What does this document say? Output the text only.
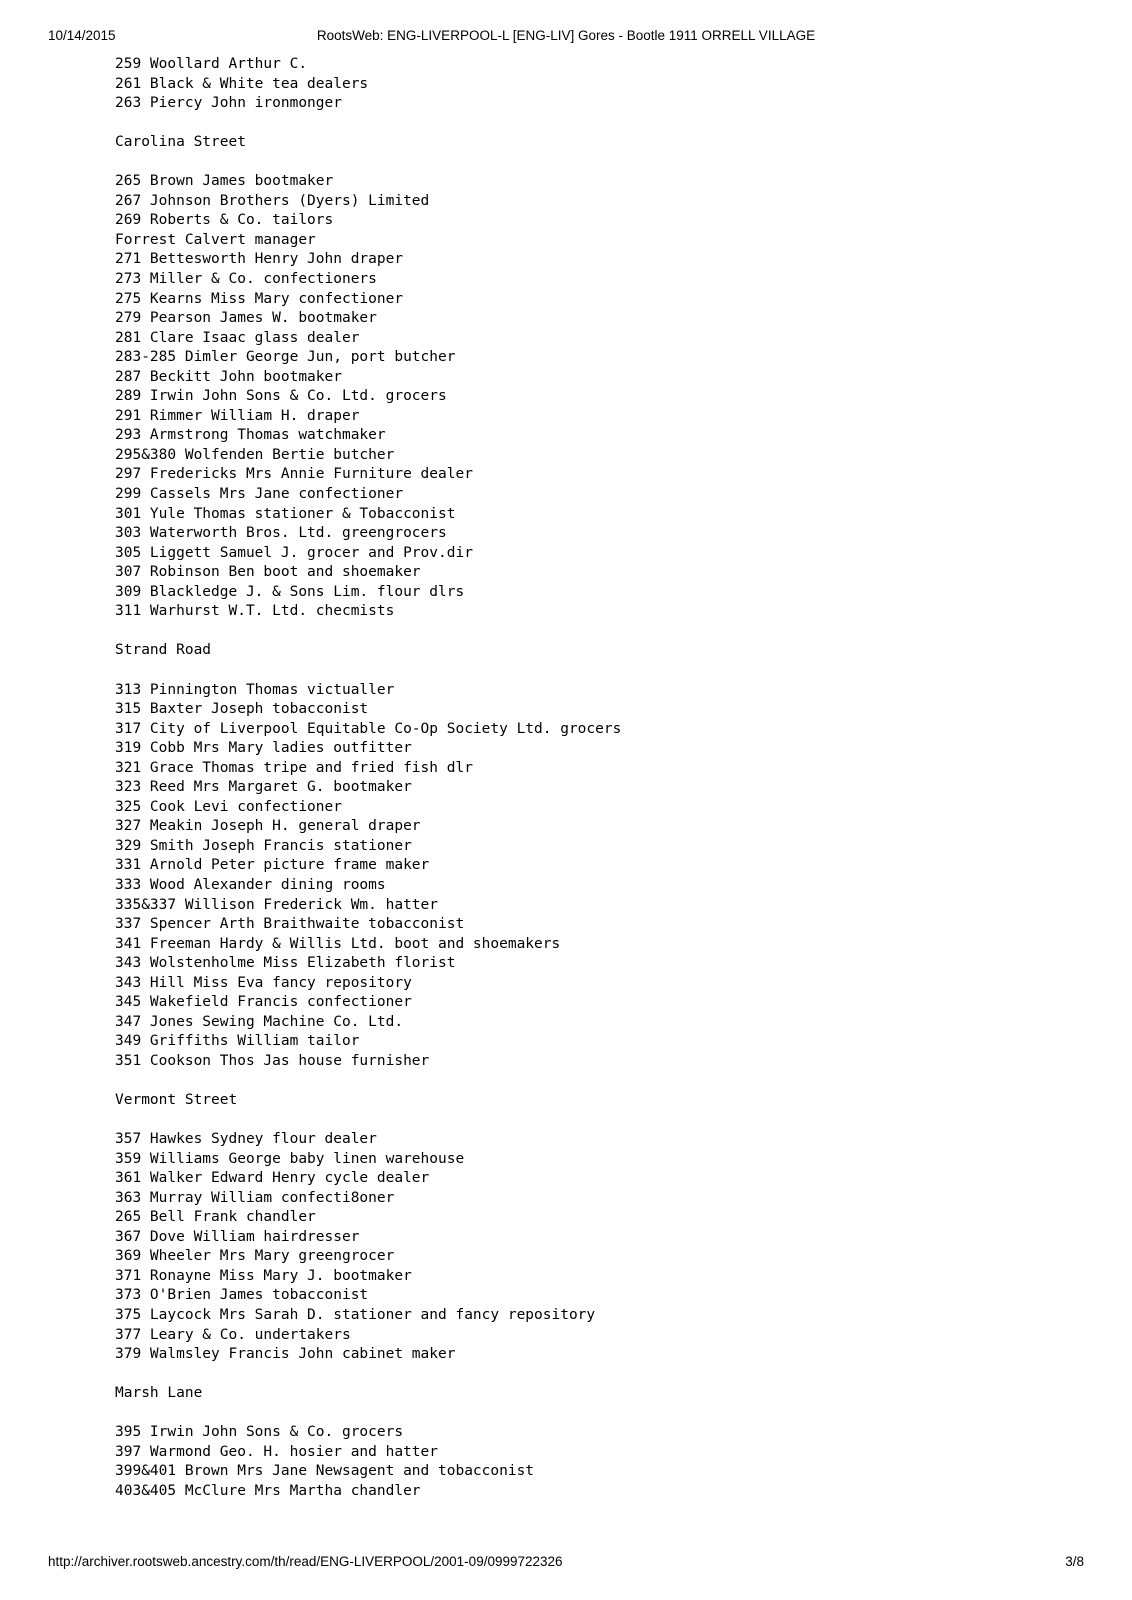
10/14/2015	RootsWeb: ENG-LIVERPOOL-L [ENG-LIV] Gores - Bootle 1911 ORRELL VILLAGE
259 Woollard Arthur C.
261 Black & White tea dealers
263 Piercy John ironmonger

Carolina Street

265 Brown James bootmaker
267 Johnson Brothers (Dyers) Limited
269 Roberts & Co. tailors
Forrest Calvert manager
271 Bettesworth Henry John draper
273 Miller & Co. confectioners
275 Kearns Miss Mary confectioner
279 Pearson James W. bootmaker
281 Clare Isaac glass dealer
283-285 Dimler George Jun, port butcher
287 Beckitt John bootmaker
289 Irwin John Sons & Co. Ltd. grocers
291 Rimmer William H. draper
293 Armstrong Thomas watchmaker
295&380 Wolfenden Bertie butcher
297 Fredericks Mrs Annie Furniture dealer
299 Cassels Mrs Jane confectioner
301 Yule Thomas stationer & Tobacconist
303 Waterworth Bros. Ltd. greengrocers
305 Liggett Samuel J. grocer and Prov.dir
307 Robinson Ben boot and shoemaker
309 Blackledge J. & Sons Lim. flour dlrs
311 Warhurst W.T. Ltd. checmists

Strand Road

313 Pinnington Thomas victualler
315 Baxter Joseph tobacconist
317 City of Liverpool Equitable Co-Op Society Ltd. grocers
319 Cobb Mrs Mary ladies outfitter
321 Grace Thomas tripe and fried fish dlr
323 Reed Mrs Margaret G. bootmaker
325 Cook Levi confectioner
327 Meakin Joseph H. general draper
329 Smith Joseph Francis stationer
331 Arnold Peter picture frame maker
333 Wood Alexander dining rooms
335&337 Willison Frederick Wm. hatter
337 Spencer Arth Braithwaite tobacconist
341 Freeman Hardy & Willis Ltd. boot and shoemakers
343 Wolstenholme Miss Elizabeth florist
343 Hill Miss Eva fancy repository
345 Wakefield Francis confectioner
347 Jones Sewing Machine Co. Ltd.
349 Griffiths William tailor
351 Cookson Thos Jas house furnisher

Vermont Street

357 Hawkes Sydney flour dealer
359 Williams George baby linen warehouse
361 Walker Edward Henry cycle dealer
363 Murray William confecti8oner
265 Bell Frank chandler
367 Dove William hairdresser
369 Wheeler Mrs Mary greengrocer
371 Ronayne Miss Mary J. bootmaker
373 O'Brien James tobacconist
375 Laycock Mrs Sarah D. stationer and fancy repository
377 Leary & Co. undertakers
379 Walmsley Francis John cabinet maker

Marsh Lane

395 Irwin John Sons & Co. grocers
397 Warmond Geo. H. hosier and hatter
399&401 Brown Mrs Jane Newsagent and tobacconist
403&405 McClure Mrs Martha chandler
http://archiver.rootsweb.ancestry.com/th/read/ENG-LIVERPOOL/2001-09/0999722326	3/8
